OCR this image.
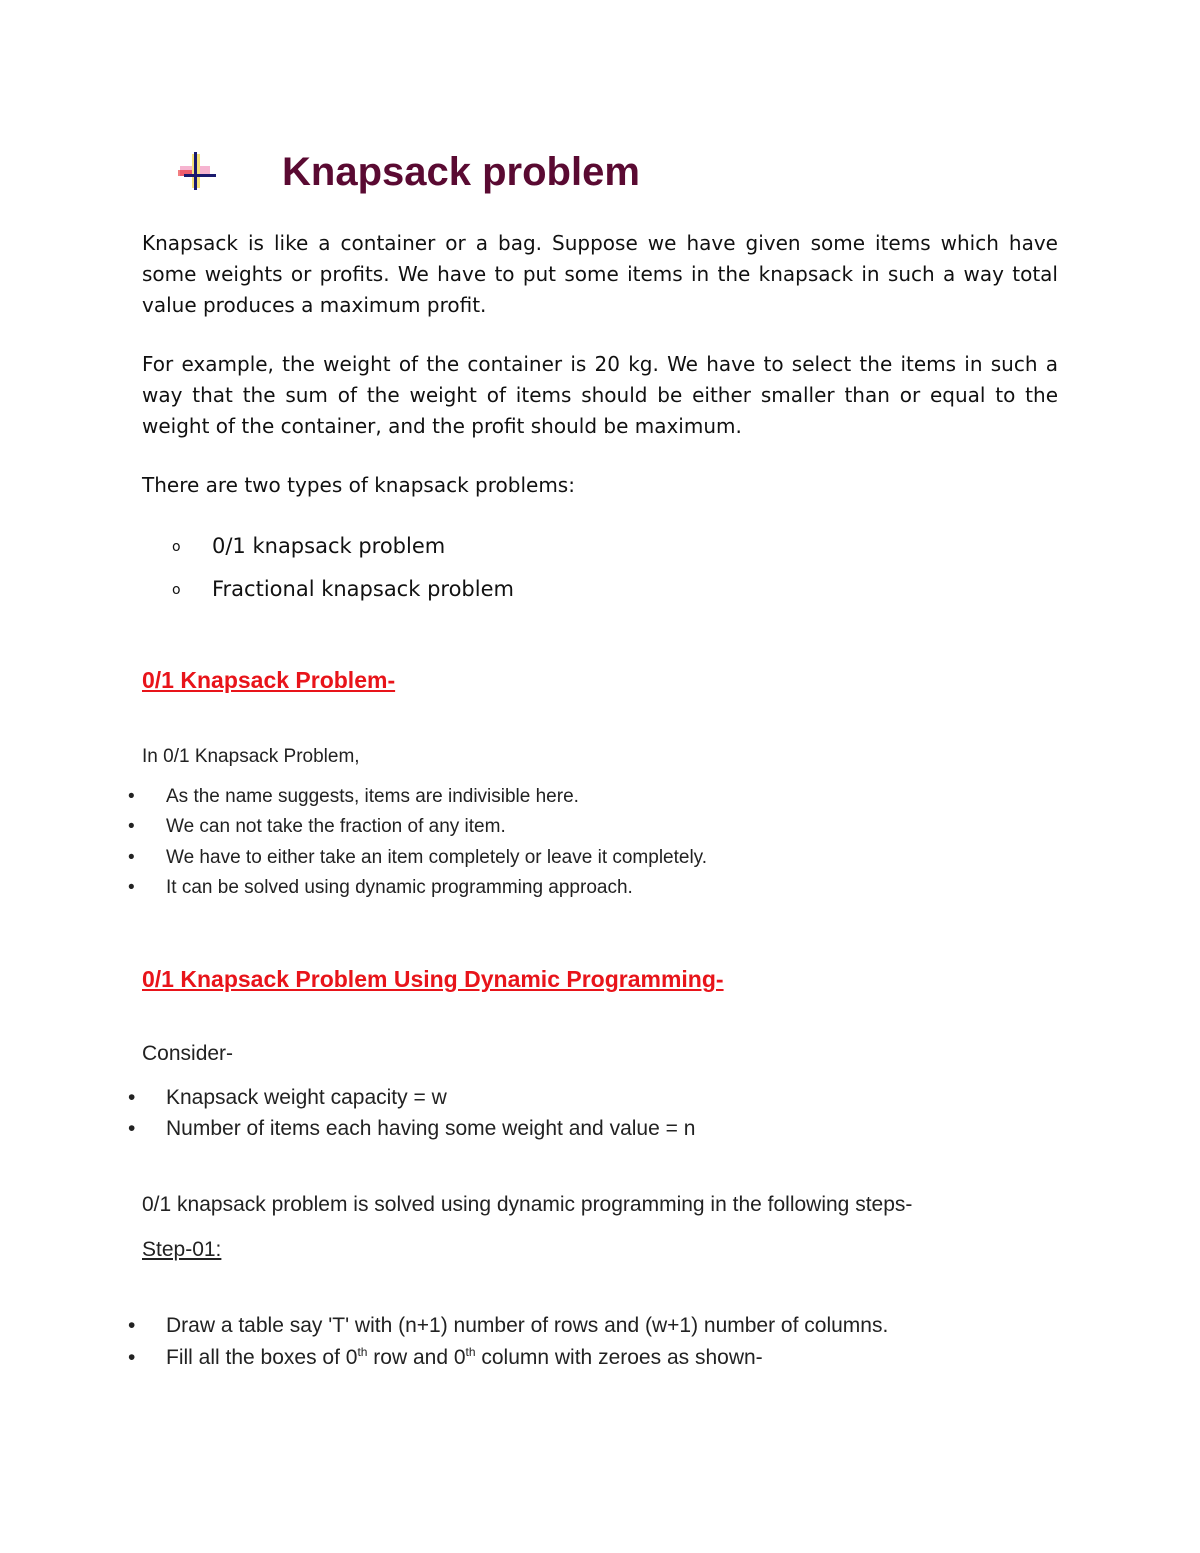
Knapsack problem
Knapsack is like a container or a bag. Suppose we have given some items which have
some weights or profits. We have to put some items in the knapsack in such a way total
value produces a maximum profit.
For example, the weight of the container is 20 kg. We have to select the items in such a
way that the sum of the weight of items should be either smaller than or equal to the
weight of the container, and the profit should be maximum.
There are two types of knapsack problems:
o 0/1 knapsack problem
o Fractional knapsack problem
0/1 Knapsack Problem-
In 0/1 Knapsack Problem,
• As the name suggests, items are indivisible here.
• We can not take the fraction of any item.
• We have to either take an item completely or leave it completely.
• It can be solved using dynamic programming approach.
0/1 Knapsack Problem Using Dynamic Programming-
Consider-
• Knapsack weight capacity = w
• Number of items each having some weight and value = n
0/1 knapsack problem is solved using dynamic programming in the following steps-
Step-01:
• Draw a table say 'T' with (n+1) number of rows and (w+1) number of columns.
• Fill all the boxes of 0th row and 0th column with zeroes as shown-
